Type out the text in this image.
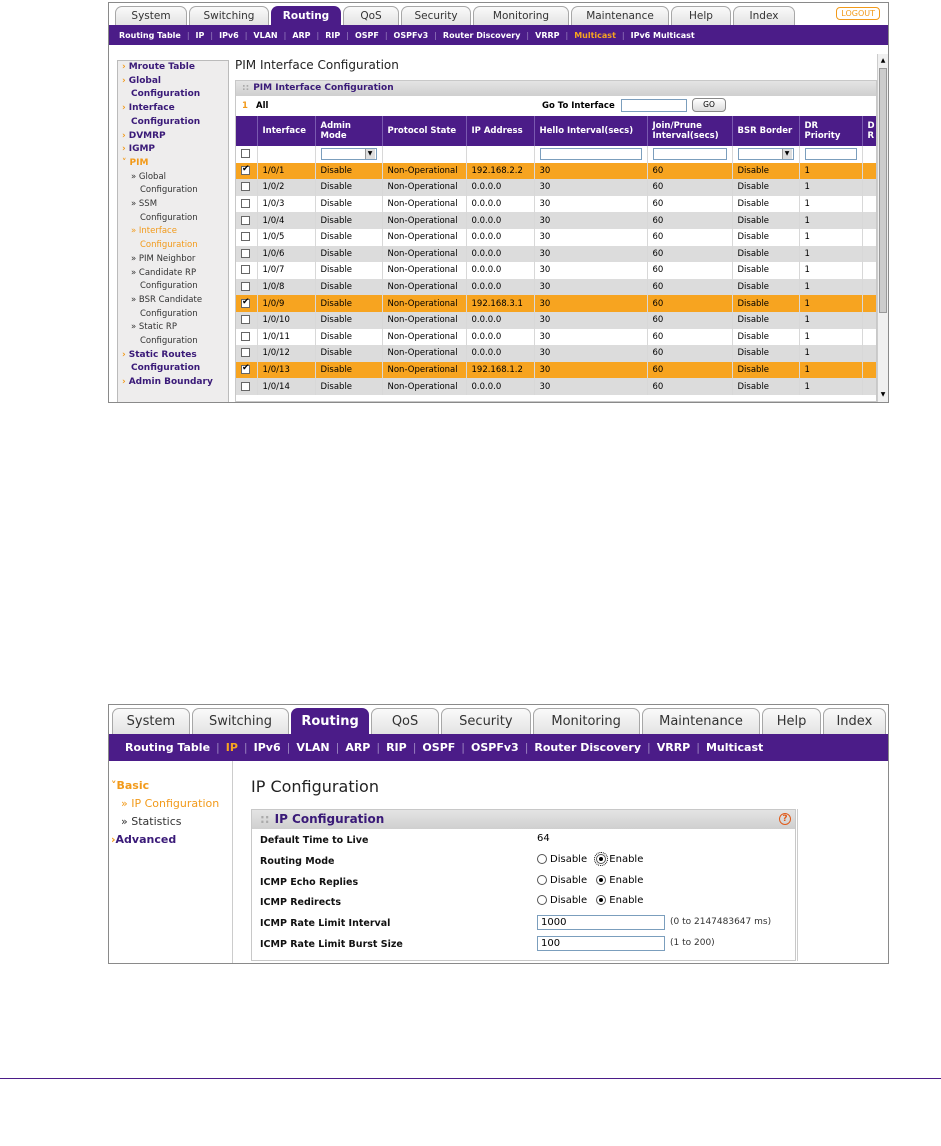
System	Switching	Routing	QoS	Security	Monitoring	Maintenance	Help	Index	LOGOUT
Routing Table | IP | IPv6 | VLAN | ARP | RIP | OSPF | OSPFv3 | Router Discovery | VRRP | Multicast | IPv6 Multicast
› Mroute Table
› Global
Configuration
› Interface
Configuration
› DVMRP
› IGMP
˅ PIM
» Global
Configuration
» SSM
Configuration
» Interface
Configuration
» PIM Neighbor
» Candidate RP
Configuration
» BSR Candidate
Configuration
» Static RP
Configuration
› Static Routes
Configuration
› Admin Boundary
PIM Interface Configuration
:: PIM Interface Configuration
1 All	Go To Interface	GO
	Interface	Admin Mode	Protocol State	IP Address	Hello Interval(secs)	Join/Prune Interval(secs)	BSR Border	DR Priority	D R

▼

▼

✔	1/0/1	Disable	Non-Operational	192.168.2.2	30	60	Disable	1	
	1/0/2	Disable	Non-Operational	0.0.0.0	30	60	Disable	1	
	1/0/3	Disable	Non-Operational	0.0.0.0	30	60	Disable	1	
	1/0/4	Disable	Non-Operational	0.0.0.0	30	60	Disable	1	
	1/0/5	Disable	Non-Operational	0.0.0.0	30	60	Disable	1	
	1/0/6	Disable	Non-Operational	0.0.0.0	30	60	Disable	1	
	1/0/7	Disable	Non-Operational	0.0.0.0	30	60	Disable	1	
	1/0/8	Disable	Non-Operational	0.0.0.0	30	60	Disable	1	
✔	1/0/9	Disable	Non-Operational	192.168.3.1	30	60	Disable	1	
	1/0/10	Disable	Non-Operational	0.0.0.0	30	60	Disable	1	
	1/0/11	Disable	Non-Operational	0.0.0.0	30	60	Disable	1	
	1/0/12	Disable	Non-Operational	0.0.0.0	30	60	Disable	1	
✔	1/0/13	Disable	Non-Operational	192.168.1.2	30	60	Disable	1	
	1/0/14	Disable	Non-Operational	0.0.0.0	30	60	Disable	1	
▲
▼
System	Switching	Routing	QoS	Security	Monitoring	Maintenance	Help	Index
Routing Table | IP | IPv6 | VLAN | ARP | RIP | OSPF | OSPFv3 | Router Discovery | VRRP | Multicast
˅Basic
» IP Configuration
» Statistics
›Advanced
IP Configuration
:: IP Configuration	?
Default Time to Live	64
Routing Mode	Disable Enable
ICMP Echo Replies	Disable Enable
ICMP Redirects	Disable Enable
ICMP Rate Limit Interval	1000	(0 to 2147483647 ms)
ICMP Rate Limit Burst Size	100	(1 to 200)
